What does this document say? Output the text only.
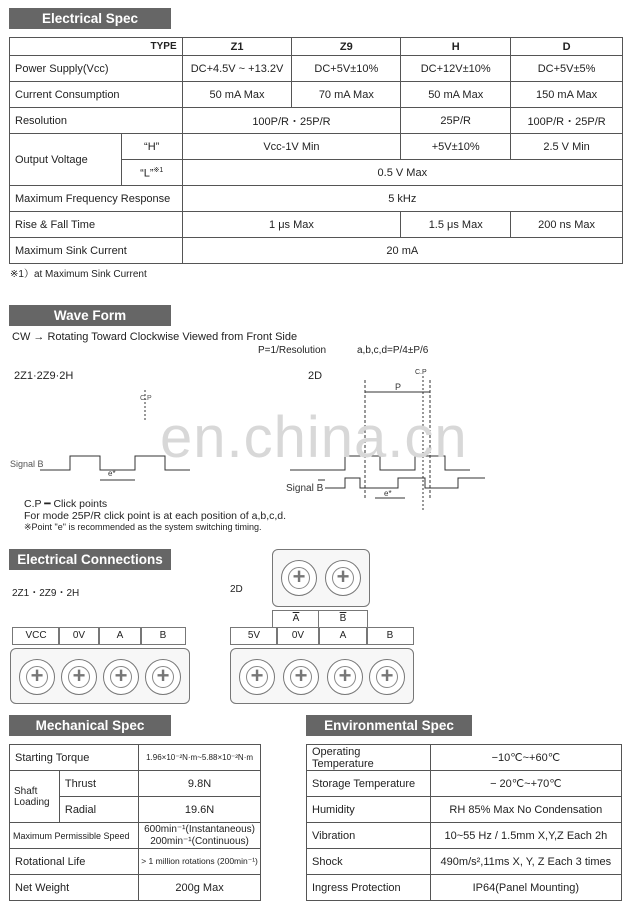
Electrical Spec
TYPE		Z1	Z9	H	D
Power Supply(Vcc)		DC+4.5V ~ +13.2V	DC+5V±10%	DC+12V±10%	DC+5V±5%
Current Consumption		50 mA Max	70 mA Max	50 mA Max	150 mA Max
Resolution		100P/R・25P/R		25P/R	100P/R・25P/R
Output Voltage	“H”	Vcc-1V Min		+5V±10%	2.5 V Min
	“L”$^{※1}$	0.5 V Max			
Maximum Frequency Response		5 kHz			
Rise & Fall Time		1 μs Max		1.5 μs Max	200 ns Max
Maximum Sink Current		20 mA			
※1）at Maximum Sink Current
Wave Form
CW → Rotating Toward Clockwise Viewed from Front Side
P=1/Resolution	a,b,c,d=P/4±P/6
2Z1·2Z9·2H	2D
C.P
e*
Signal B
P
C.P
e*
Signal B
en.china.cn
C.P ━ Click points
For mode 25P/R click point is at each position of a,b,c,d.
※Point "e" is recommended as the system switching timing.
Electrical Connections
2Z1・2Z9・2H	2D
VCC	0V	A	B
+
+
+
+
+
+
$\overline{A}$	$\overline{B}$
5V	0V	A	B
+
+
+
+
Mechanical Spec
Starting Torque		1.96×10⁻²N·m~5.88×10⁻²N·m
Shaft Loading	Thrust	9.8N
	Radial	19.6N
Maximum Permissible Speed		600min⁻¹(Instantaneous)
200min⁻¹(Continuous)

Rotational Life		> 1 million rotations (200min⁻¹)
Net Weight		200g Max
Environmental Spec
Operating Temperature	−10℃~+60℃
Storage Temperature	− 20℃~+70℃
Humidity	RH 85% Max No Condensation
Vibration	10~55 Hz / 1.5mm X,Y,Z Each 2h
Shock	490m/s²,11ms X, Y, Z Each 3 times
Ingress Protection	IP64(Panel Mounting)
